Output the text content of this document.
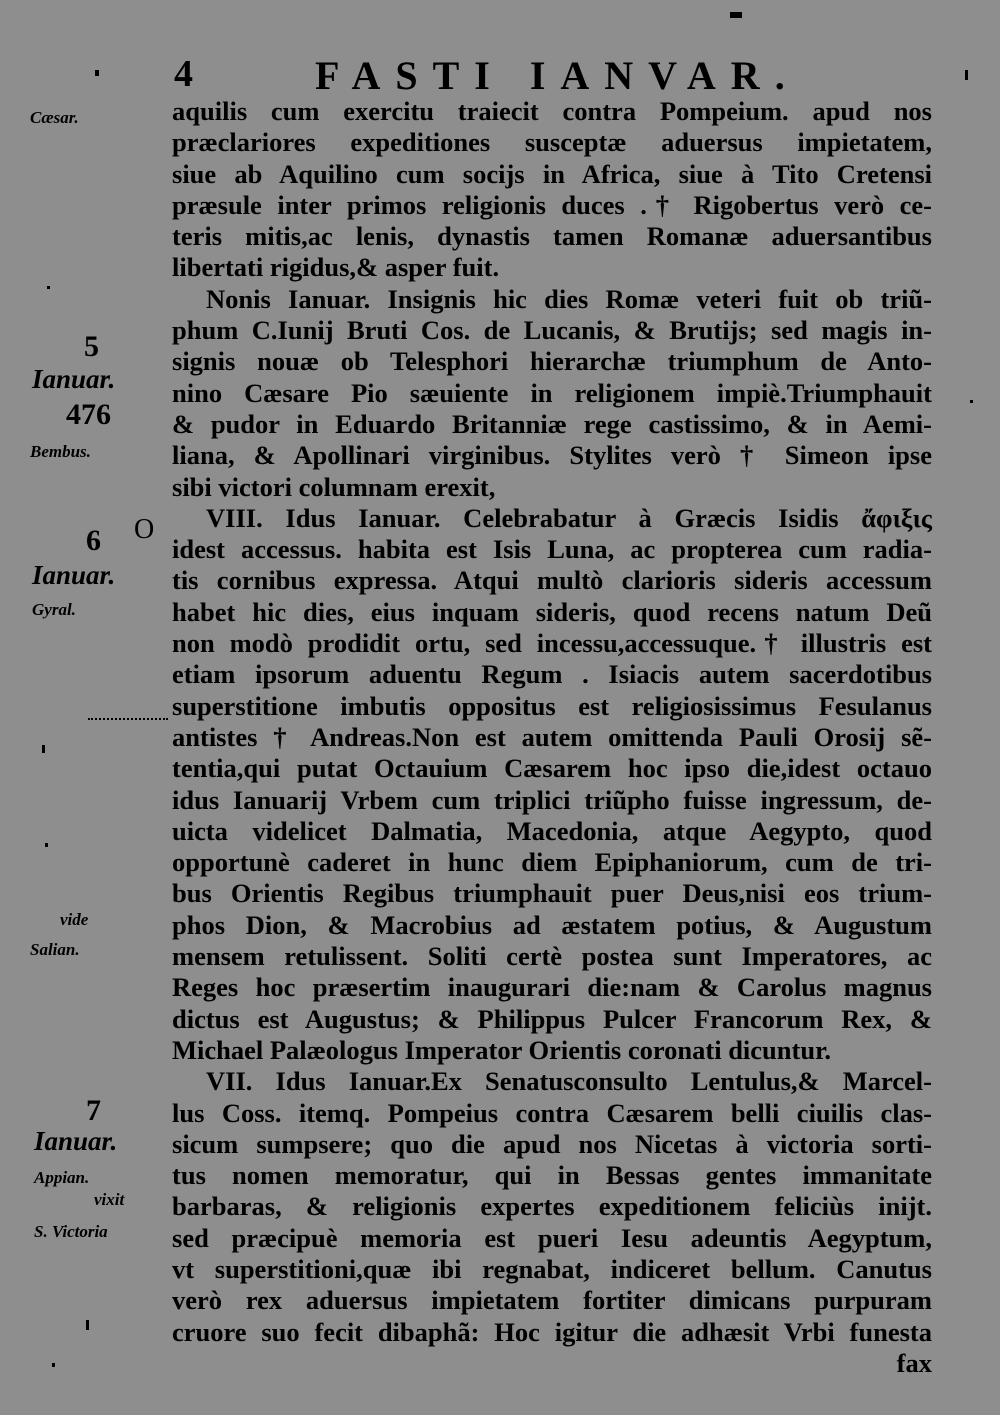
4	FASTI IANVAR.
Cæsar.
5
Ianuar.
476
Bembus.
6 O
Ianuar.
Gyral.
vide
Salian.
7
Ianuar.
Appian.
vixit
S. Victoria
aquilis cum exercitu traiecit contra Pompeium. apud nos
præclariores expeditiones susceptæ aduersus impietatem,
siue ab Aquilino cum socijs in Africa, siue à Tito Cretensi
præsule inter primos religionis duces .† Rigobertus verò ce-
teris mitis,ac lenis, dynastis tamen Romanæ aduersantibus
libertati rigidus,& asper fuit.
Nonis Ianuar. Insignis hic dies Romæ veteri fuit ob triũ-
phum C.Iunij Bruti Cos. de Lucanis, & Brutijs; sed magis in-
signis nouæ ob Telesphori hierarchæ triumphum de Anto-
nino Cæsare Pio sæuiente in religionem impiè.Triumphauit
& pudor in Eduardo Britanniæ rege castissimo, & in Aemi-
liana, & Apollinari virginibus. Stylites verò † Simeon ipse
sibi victori columnam erexit,
VIII. Idus Ianuar. Celebrabatur à Græcis Isidis ἄφιξις
idest accessus. habita est Isis Luna, ac propterea cum radia-
tis cornibus expressa. Atqui multò clarioris sideris accessum
habet hic dies, eius inquam sideris, quod recens natum Deũ
non modò prodidit ortu, sed incessu,accessuque.† illustris est
etiam ipsorum aduentu Regum . Isiacis autem sacerdotibus
superstitione imbutis oppositus est religiosissimus Fesulanus
antistes † Andreas.Non est autem omittenda Pauli Orosij sẽ-
tentia,qui putat Octauium Cæsarem hoc ipso die,idest octauo
idus Ianuarij Vrbem cum triplici triũpho fuisse ingressum, de-
uicta videlicet Dalmatia, Macedonia, atque Aegypto, quod
opportunè caderet in hunc diem Epiphaniorum, cum de tri-
bus Orientis Regibus triumphauit puer Deus,nisi eos trium-
phos Dion, & Macrobius ad æstatem potius, & Augustum
mensem retulissent. Soliti certè postea sunt Imperatores, ac
Reges hoc præsertim inaugurari die:nam & Carolus magnus
dictus est Augustus; & Philippus Pulcer Francorum Rex, &
Michael Palæologus Imperator Orientis coronati dicuntur.
VII. Idus Ianuar.Ex Senatusconsulto Lentulus,& Marcel-
lus Coss. itemq. Pompeius contra Cæsarem belli ciuilis clas-
sicum sumpsere; quo die apud nos Nicetas à victoria sorti-
tus nomen memoratur, qui in Bessas gentes immanitate
barbaras, & religionis expertes expeditionem feliciùs inijt.
sed præcipuè memoria est pueri Iesu adeuntis Aegyptum,
vt superstitioni,quæ ibi regnabat, indiceret bellum. Canutus
verò rex aduersus impietatem fortiter dimicans purpuram
cruore suo fecit dibaphã: Hoc igitur die adhæsit Vrbi funesta
fax
